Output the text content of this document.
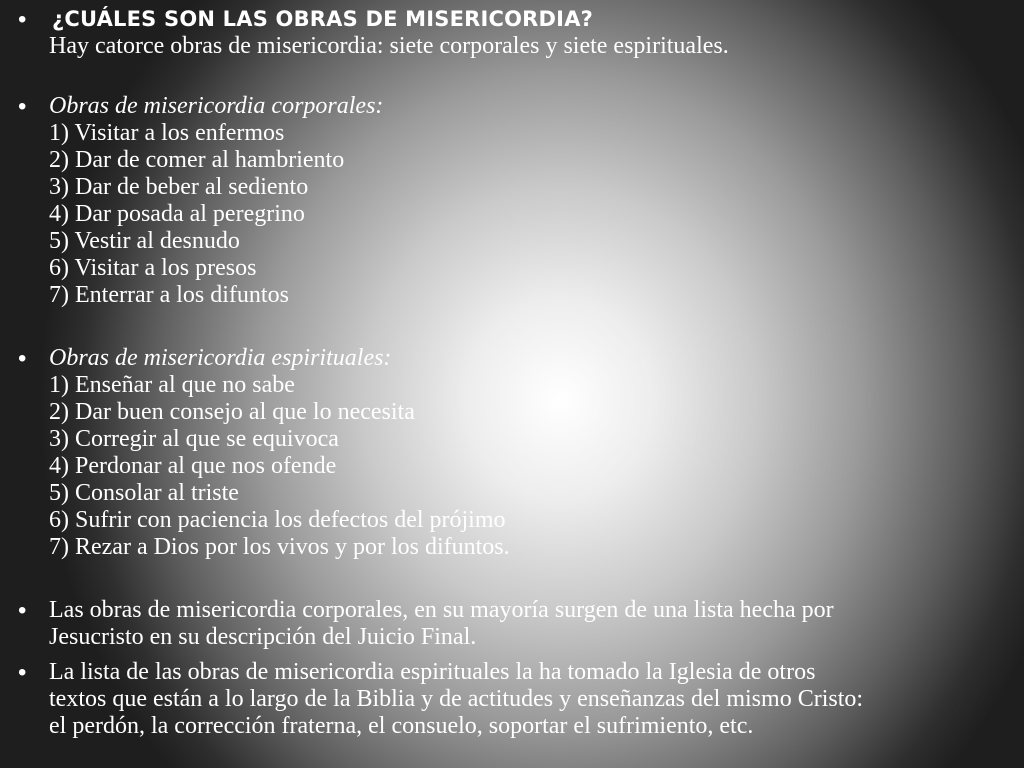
• ¿CUÁLES SON LAS OBRAS DE MISERICORDIA?
Hay catorce obras de misericordia: siete corporales y siete espirituales.
• Obras de misericordia corporales:
1) Visitar a los enfermos
2) Dar de comer al hambriento
3) Dar de beber al sediento
4) Dar posada al peregrino
5) Vestir al desnudo
6) Visitar a los presos
7) Enterrar a los difuntos
• Obras de misericordia espirituales:
1) Enseñar al que no sabe
2) Dar buen consejo al que lo necesita
3) Corregir al que se equivoca
4) Perdonar al que nos ofende
5) Consolar al triste
6) Sufrir con paciencia los defectos del prójimo
7) Rezar a Dios por los vivos y por los difuntos.
• Las obras de misericordia corporales, en su mayoría surgen de una lista hecha por
Jesucristo en su descripción del Juicio Final.
• La lista de las obras de misericordia espirituales la ha tomado la Iglesia de otros
textos que están a lo largo de la Biblia y de actitudes y enseñanzas del mismo Cristo:
el perdón, la corrección fraterna, el consuelo, soportar el sufrimiento, etc.
